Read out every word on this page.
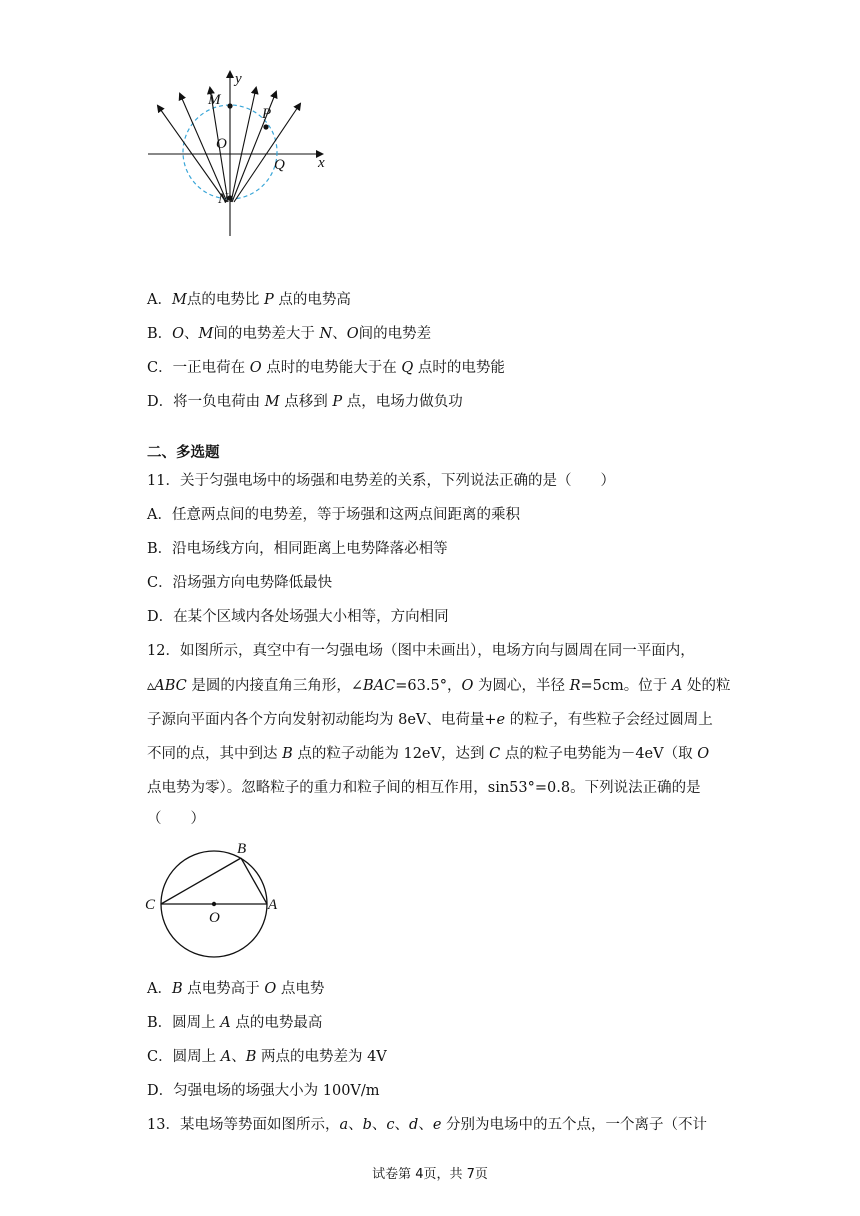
y
M
P
O
Q x
N
A．M点的电势比 P 点的电势高
B．O、M间的电势差大于 N、O间的电势差
C．一正电荷在 O 点时的电势能大于在 Q 点时的电势能
D．将一负电荷由 M 点移到 P 点，电场力做负功
二、多选题
11．关于匀强电场中的场强和电势差的关系，下列说法正确的是（　　）
A．任意两点间的电势差，等于场强和这两点间距离的乘积
B．沿电场线方向，相同距离上电势降落必相等
C．沿场强方向电势降低最快
D．在某个区域内各处场强大小相等，方向相同
12．如图所示，真空中有一匀强电场（图中未画出），电场方向与圆周在同一平面内，
▵ABC 是圆的内接直角三角形，∠BAC=63.5°，O 为圆心，半径 R=5cm。位于 A 处的粒
子源向平面内各个方向发射初动能均为 8eV、电荷量+e 的粒子，有些粒子会经过圆周上
不同的点，其中到达 B 点的粒子动能为 12eV，达到 C 点的粒子电势能为－4eV（取 O
点电势为零）。忽略粒子的重力和粒子间的相互作用，sin53°=0.8。下列说法正确的是
（　　）
B
C
O
A
A．B 点电势高于 O 点电势
B．圆周上 A 点的电势最高
C．圆周上 A、B 两点的电势差为 4V
D．匀强电场的场强大小为 100V/m
13．某电场等势面如图所示，a、b、c、d、e 分别为电场中的五个点，一个离子（不计
试卷第 4页，共 7页
